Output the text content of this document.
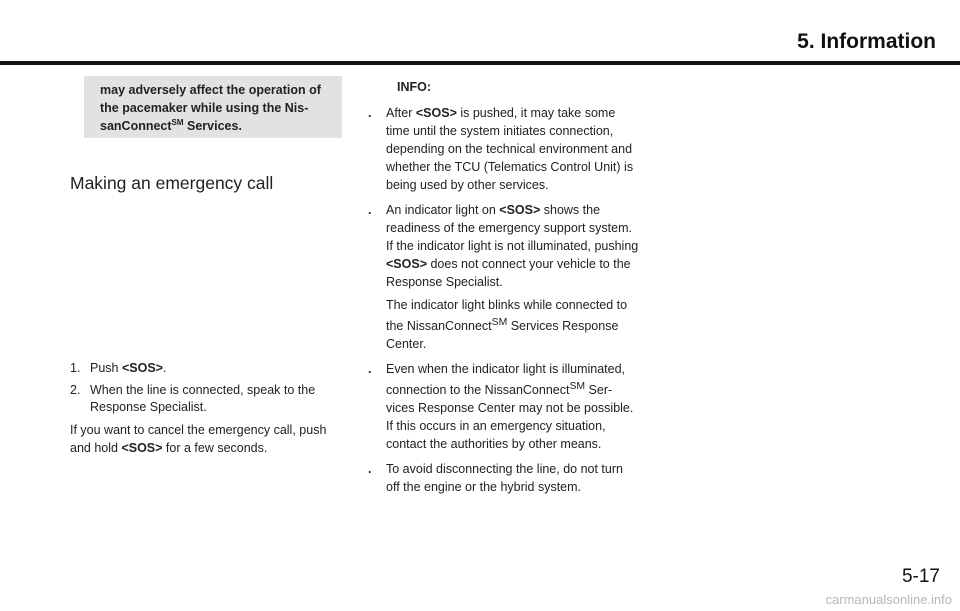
5. Information
may adversely affect the operation of the pacemaker while using the Nis-sanConnect℠ Services.
Making an emergency call
1. Push <SOS>.
2. When the line is connected, speak to the Response Specialist.
If you want to cancel the emergency call, push and hold <SOS> for a few seconds.
INFO:
. After <SOS> is pushed, it may take some time until the system initiates connection, depending on the technical environment and whether the TCU (Telematics Control Unit) is being used by other services.
. An indicator light on <SOS> shows the readiness of the emergency support system. If the indicator light is not illuminated, pushing <SOS> does not connect your vehicle to the Response Specialist.
The indicator light blinks while connected to the NissanConnect℠ Services Response Center.
. Even when the indicator light is illuminated, connection to the NissanConnect℠ Ser-vices Response Center may not be possible. If this occurs in an emergency situation, contact the authorities by other means.
. To avoid disconnecting the line, do not turn off the engine or the hybrid system.
5-17
carmanualsonline.info
